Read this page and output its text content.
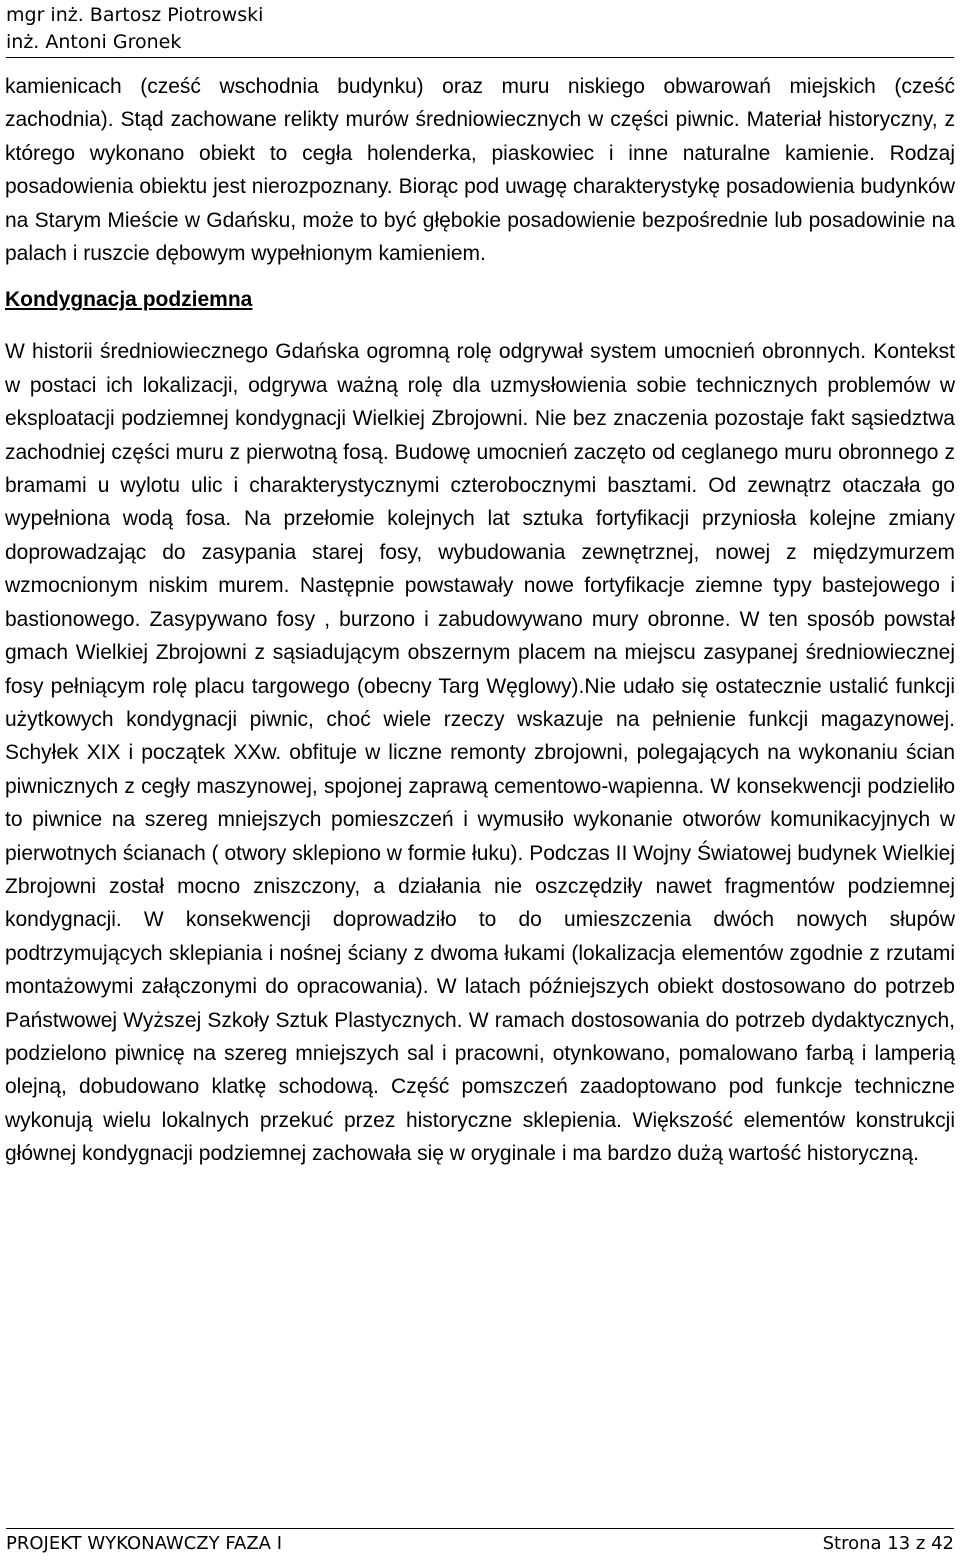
mgr inż. Bartosz Piotrowski
inż. Antoni Gronek

kamienicach (cześć wschodnia budynku) oraz muru niskiego obwarowań miejskich (cześć zachodnia). Stąd zachowane relikty murów średniowiecznych w części piwnic. Materiał historyczny, z którego wykonano obiekt to cegła holenderka, piaskowiec i inne naturalne kamienie. Rodzaj posadowienia obiektu jest nierozpoznany. Biorąc pod uwagę charakterystykę posadowienia budynków na Starym Mieście w Gdańsku, może to być głębokie posadowienie bezpośrednie lub posadowinie na palach i ruszcie dębowym wypełnionym kamieniem.

Kondygnacja podziemna

W historii średniowiecznego Gdańska ogromną rolę odgrywał system umocnień obronnych. Kontekst w postaci ich lokalizacji, odgrywa ważną rolę dla uzmysłowienia sobie technicznych problemów w eksploatacji podziemnej kondygnacji Wielkiej Zbrojowni. Nie bez znaczenia pozostaje fakt sąsiedztwa zachodniej części muru z pierwotną fosą. Budowę umocnień zaczęto od ceglanego muru obronnego z bramami u wylotu ulic i charakterystycznymi czterobocznymi basztami. Od zewnątrz otaczała go wypełniona wodą fosa. Na przełomie kolejnych lat sztuka fortyfikacji przyniosła kolejne zmiany doprowadzając do zasypania starej fosy, wybudowania zewnętrznej, nowej z międzymurzem wzmocnionym niskim murem. Następnie powstawały nowe fortyfikacje ziemne typy bastejowego i bastionowego. Zasypywano fosy , burzono i zabudowywano mury obronne. W ten sposób powstał gmach Wielkiej Zbrojowni z sąsiadującym obszernym placem na miejscu zasypanej średniowiecznej fosy pełniącym rolę placu targowego (obecny Targ Węglowy).Nie udało się ostatecznie ustalić funkcji użytkowych kondygnacji piwnic, choć wiele rzeczy wskazuje na pełnienie funkcji magazynowej. Schyłek XIX i początek XXw. obfituje w liczne remonty zbrojowni, polegających na wykonaniu ścian piwnicznych z cegły maszynowej, spojonej zaprawą cementowo-wapienna. W konsekwencji podzieliło to piwnice na szereg mniejszych pomieszczeń i wymusiło wykonanie otworów komunikacyjnych w pierwotnych ścianach ( otwory sklepiono w formie łuku). Podczas II Wojny Światowej budynek Wielkiej Zbrojowni został mocno zniszczony, a działania nie oszczędziły nawet fragmentów podziemnej kondygnacji. W konsekwencji doprowadziło to do umieszczenia dwóch nowych słupów podtrzymujących sklepiania i nośnej ściany z dwoma łukami (lokalizacja elementów zgodnie z rzutami montażowymi załączonymi do opracowania). W latach późniejszych obiekt dostosowano do potrzeb Państwowej Wyższej Szkoły Sztuk Plastycznych. W ramach dostosowania do potrzeb dydaktycznych, podzielono piwnicę na szereg mniejszych sal i pracowni, otynkowano, pomalowano farbą i lamperią olejną, dobudowano klatkę schodową. Część pomszczeń zaadoptowano pod funkcje techniczne wykonują wielu lokalnych przekuć przez historyczne sklepienia. Większość elementów konstrukcji głównej kondygnacji podziemnej zachowała się w oryginale i ma bardzo dużą wartość historyczną.

PROJEKT WYKONAWCZY FAZA I	Strona 13 z 42
